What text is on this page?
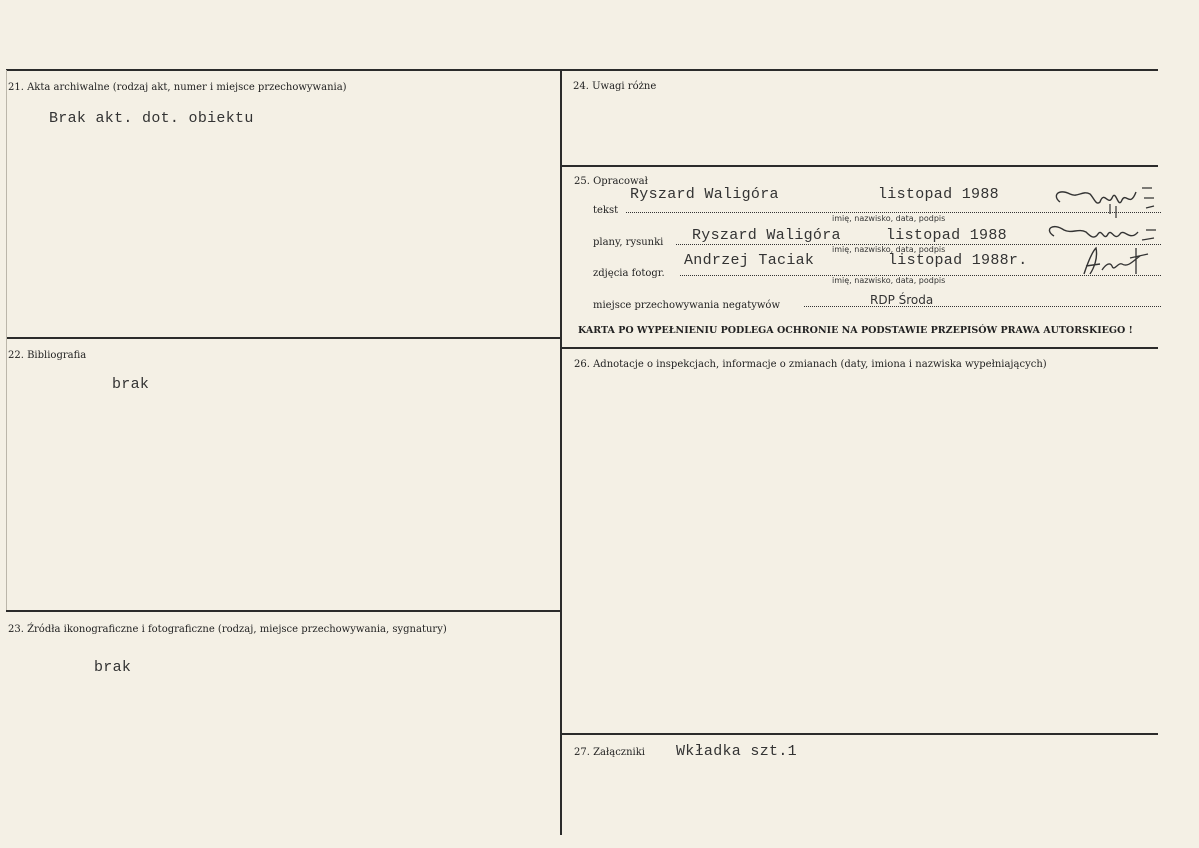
21. Akta archiwalne (rodzaj akt, numer i miejsce przechowywania)
Brak akt. dot. obiektu
22. Bibliografia
brak
23. Źródła ikonograficzne i fotograficzne (rodzaj, miejsce przechowywania, sygnatury)
brak
24. Uwagi różne
25. Opracował
tekst
Ryszard Waligóra	listopad 1988
imię, nazwisko, data, podpis
plany, rysunki Ryszard Waligóra	listopad 1988
imię, nazwisko, data, podpis
zdjęcia fotogr.
Andrzej Taciak	listopad 1988r.
imię, nazwisko, data, podpis
miejsce przechowywania negatywów	RDP Środa
KARTA PO WYPEŁNIENIU PODLEGA OCHRONIE NA PODSTAWIE PRZEPISÓW PRAWA AUTORSKIEGO !
26. Adnotacje o inspekcjach, informacje o zmianach (daty, imiona i nazwiska wypełniających)
27. Załączniki Wkładka szt.1
